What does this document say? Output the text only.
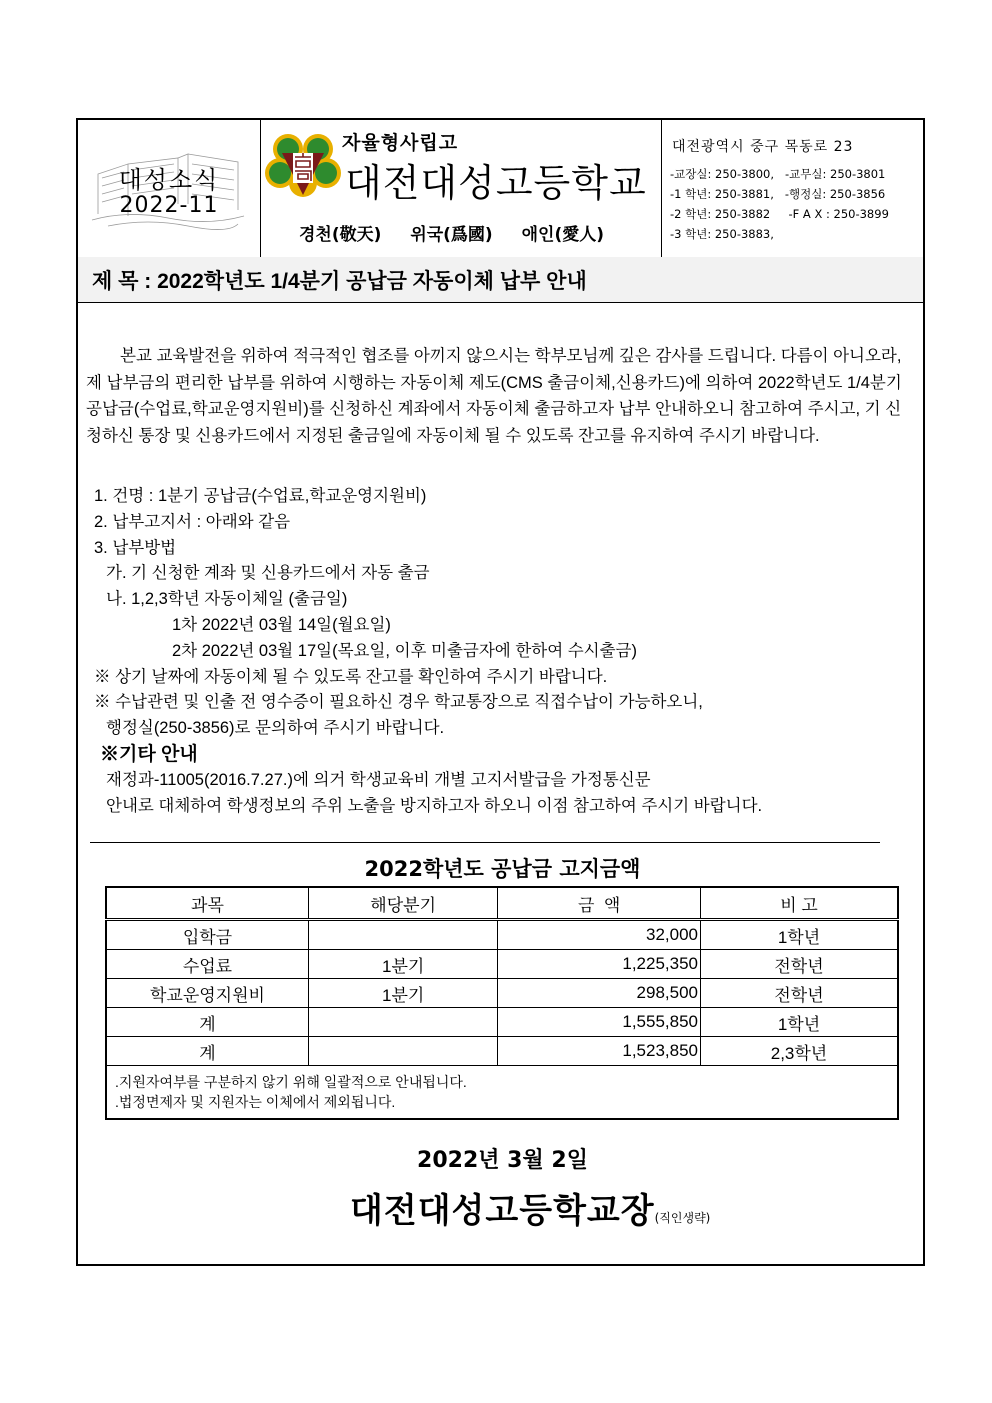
대성소식
2022-11
자율형사립고
대전대성고등학교
경천(敬天) 위국(爲國) 애인(愛人)
대전광역시 중구 목동로 23
-교장실: 250-3800,   -교무실: 250-3801
-1 학년: 250-3881,   -행정실: 250-3856
-2 학년: 250-3882     -F A X : 250-3899
-3 학년: 250-3883,
제 목 : 2022학년도 1/4분기 공납금 자동이체 납부 안내

본교 교육발전을 위하여 적극적인 협조를 아끼지 않으시는 학부모님께 깊은 감사를 드립니다. 다름이 아니오라, 제 납부금의 편리한 납부를 위하여 시행하는 자동이체 제도(CMS 출금이체,신용카드)에 의하여 2022학년도 1/4분기 공납금(수업료,학교운영지원비)를 신청하신 계좌에서 자동이체 출금하고자 납부 안내하오니 참고하여 주시고, 기 신청하신 통장 및 신용카드에서 지정된 출금일에 자동이체 될 수 있도록 잔고를 유지하여 주시기 바랍니다.

1. 건명 : 1분기 공납금(수업료,학교운영지원비)
2. 납부고지서 : 아래와 같음
3. 납부방법
가. 기 신청한 계좌 및 신용카드에서 자동 출금
나. 1,2,3학년 자동이체일 (출금일)
1차 2022년 03월 14일(월요일)
2차 2022년 03월 17일(목요일, 이후 미출금자에 한하여 수시출금)
※ 상기 날짜에 자동이체 될 수 있도록 잔고를 확인하여 주시기 바랍니다.
※ 수납관련 및 인출 전 영수증이 필요하신 경우 학교통장으로 직접수납이 가능하오니,
행정실(250-3856)로 문의하여 주시기 바랍니다.
※기타 안내
재정과-11005(2016.7.27.)에 의거 학생교육비 개별 고지서발급을 가정통신문
안내로 대체하여 학생정보의 주위 노출을 방지하고자 하오니 이점 참고하여 주시기 바랍니다.
2022학년도 공납금 고지금액
과목	해당분기	금  액	비 고
입학금		32,000	1학년
수업료	1분기	1,225,350	전학년
학교운영지원비	1분기	298,500	전학년
계		1,555,850	1학년
계		1,523,850	2,3학년

.지원자여부를 구분하지 않기 위해 일괄적으로 안내됩니다.
.법정면제자 및 지원자는 이체에서 제외됩니다.			
2022년 3월 2일
대전대성고등학교장(직인생략)
